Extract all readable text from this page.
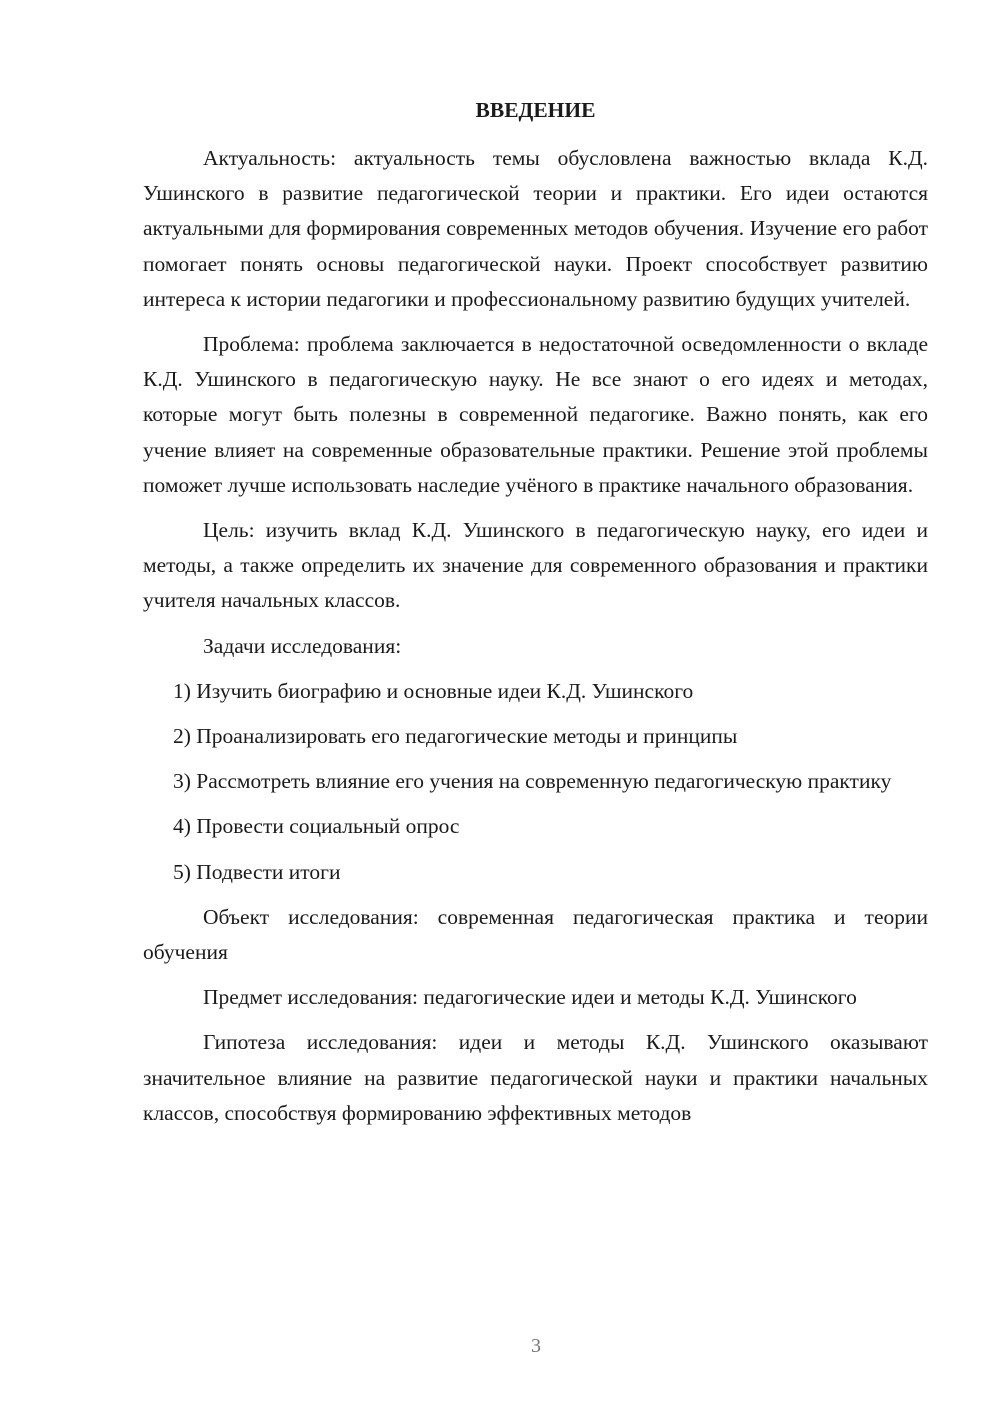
ВВЕДЕНИЕ

Актуальность: актуальность темы обусловлена важностью вклада К.Д. Ушинского в развитие педагогической теории и практики. Его идеи остаются актуальными для формирования современных методов обучения. Изучение его работ помогает понять основы педагогической науки. Проект способствует развитию интереса к истории педагогики и профессиональному развитию будущих учителей.

Проблема: проблема заключается в недостаточной осведомленности о вкладе К.Д. Ушинского в педагогическую науку. Не все знают о его идеях и методах, которые могут быть полезны в современной педагогике. Важно понять, как его учение влияет на современные образовательные практики. Решение этой проблемы поможет лучше использовать наследие учёного в практике начального образования.

Цель: изучить вклад К.Д. Ушинского в педагогическую науку, его идеи и методы, а также определить их значение для современного образования и практики учителя начальных классов.

Задачи исследования:

1) Изучить биографию и основные идеи К.Д. Ушинского

2) Проанализировать его педагогические методы и принципы

3) Рассмотреть влияние его учения на современную педагогическую практику

4) Провести социальный опрос

5) Подвести итоги

Объект исследования: современная педагогическая практика и теории обучения

Предмет исследования: педагогические идеи и методы К.Д. Ушинского

Гипотеза исследования: идеи и методы К.Д. Ушинского оказывают значительное влияние на развитие педагогической науки и практики начальных классов, способствуя формированию эффективных методов

3
